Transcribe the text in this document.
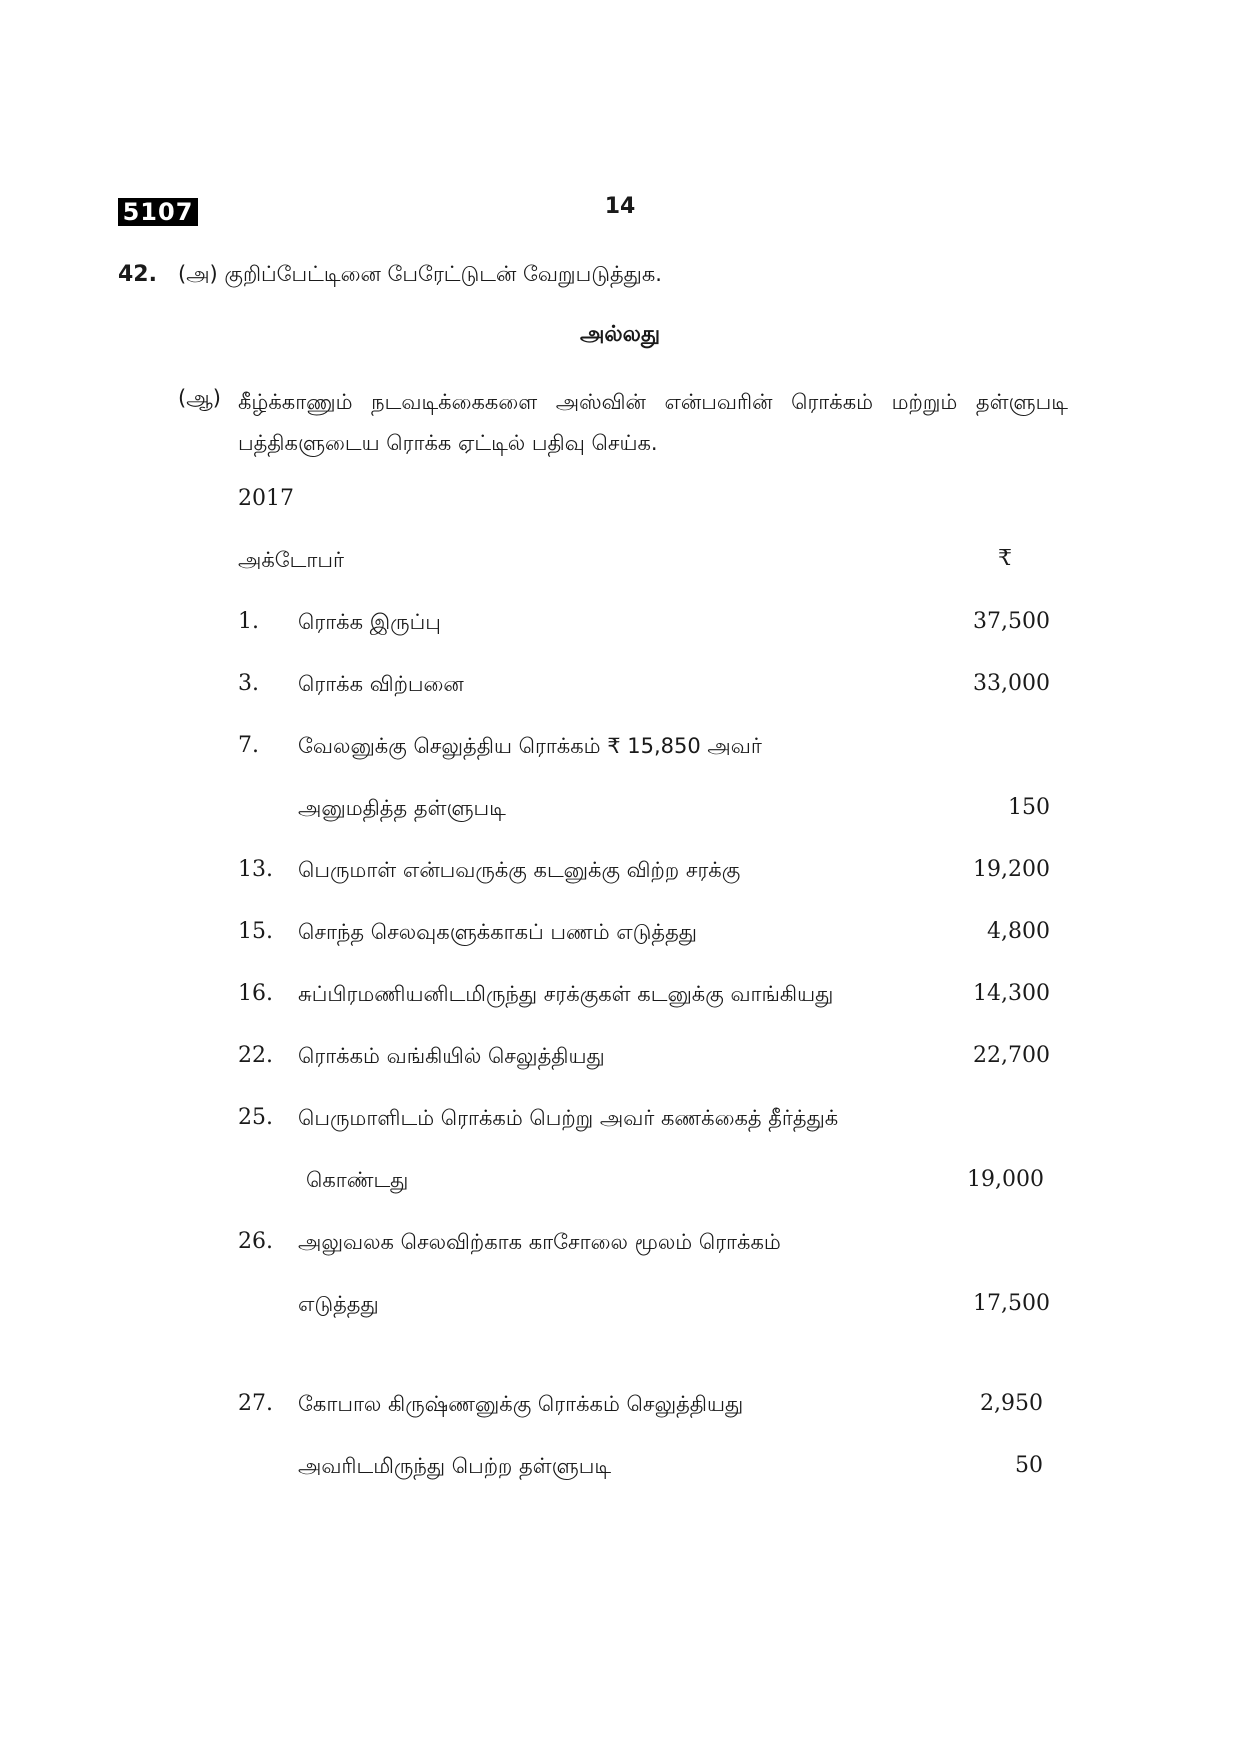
5107	14
42. (அ) குறிப்பேட்டினை பேரேட்டுடன் வேறுபடுத்துக.
அல்லது
(ஆ) கீழ்க்காணும் நடவடிக்கைகளை அஸ்வின் என்பவரின் ரொக்கம் மற்றும் தள்ளுபடி பத்திகளுடைய ரொக்க ஏட்டில் பதிவு செய்க.
2017
அக்டோபர்	₹
1. ரொக்க இருப்பு	37,500
3. ரொக்க விற்பனை	33,000
7. வேலனுக்கு செலுத்திய ரொக்கம் ₹ 15,850 அவர்
அனுமதித்த தள்ளுபடி	150
13. பெருமாள் என்பவருக்கு கடனுக்கு விற்ற சரக்கு	19,200
15. சொந்த செலவுகளுக்காகப் பணம் எடுத்தது	4,800
16. சுப்பிரமணியனிடமிருந்து சரக்குகள் கடனுக்கு வாங்கியது	14,300
22. ரொக்கம் வங்கியில் செலுத்தியது	22,700
25. பெருமாளிடம் ரொக்கம் பெற்று அவர் கணக்கைத் தீர்த்துக்
கொண்டது	19,000
26. அலுவலக செலவிற்காக காசோலை மூலம் ரொக்கம்
எடுத்தது	17,500
27. கோபால கிருஷ்ணனுக்கு ரொக்கம் செலுத்தியது	2,950
அவரிடமிருந்து பெற்ற தள்ளுபடி	50
